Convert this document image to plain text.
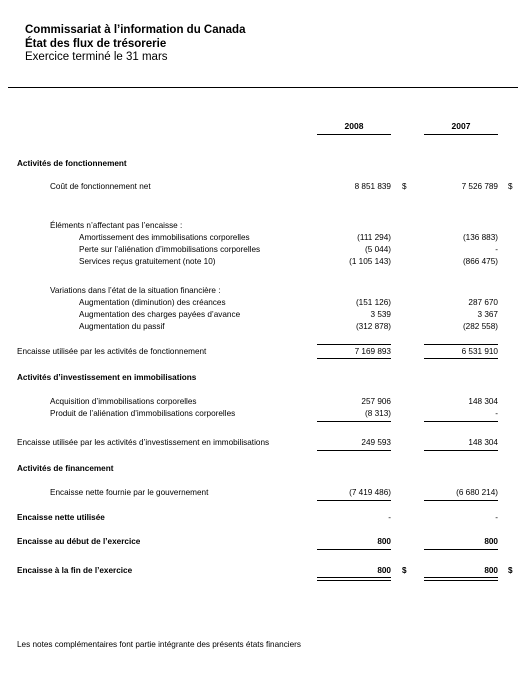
Commissariat à l’information du Canada
État des flux de trésorerie
Exercice terminé le 31 mars
2008	2007
Activités de fonctionnement
Coût de fonctionnement net	8 851 839 $	7 526 789 $
Éléments n’affectant pas l’encaisse :
Amortissement des immobilisations corporelles	(111 294)	(136 883)
Perte sur l’aliénation d’immobilisations corporelles	(5 044)	-
Services reçus gratuitement (note 10)	(1 105 143)	(866 475)
Variations dans l’état de la situation financière :
Augmentation (diminution) des créances	(151 126)	287 670
Augmentation des charges payées d’avance	3 539	3 367
Augmentation du passif	(312 878)	(282 558)
Encaisse utilisée par les activités de fonctionnement	7 169 893	6 531 910
Activités d’investissement en immobilisations
Acquisition d’immobilisations corporelles	257 906	148 304
Produit de l’aliénation d’immobilisations corporelles	(8 313)	-
Encaisse utilisée par les activités d’investissement en immobilisations	249 593	148 304
Activités de financement
Encaisse nette fournie par le gouvernement	(7 419 486)	(6 680 214)
Encaisse nette utilisée	-	-
Encaisse au début de l’exercice	800	800
Encaisse à la fin de l’exercice	800 $	800 $
Les notes complémentaires font partie intégrante des présents états financiers
